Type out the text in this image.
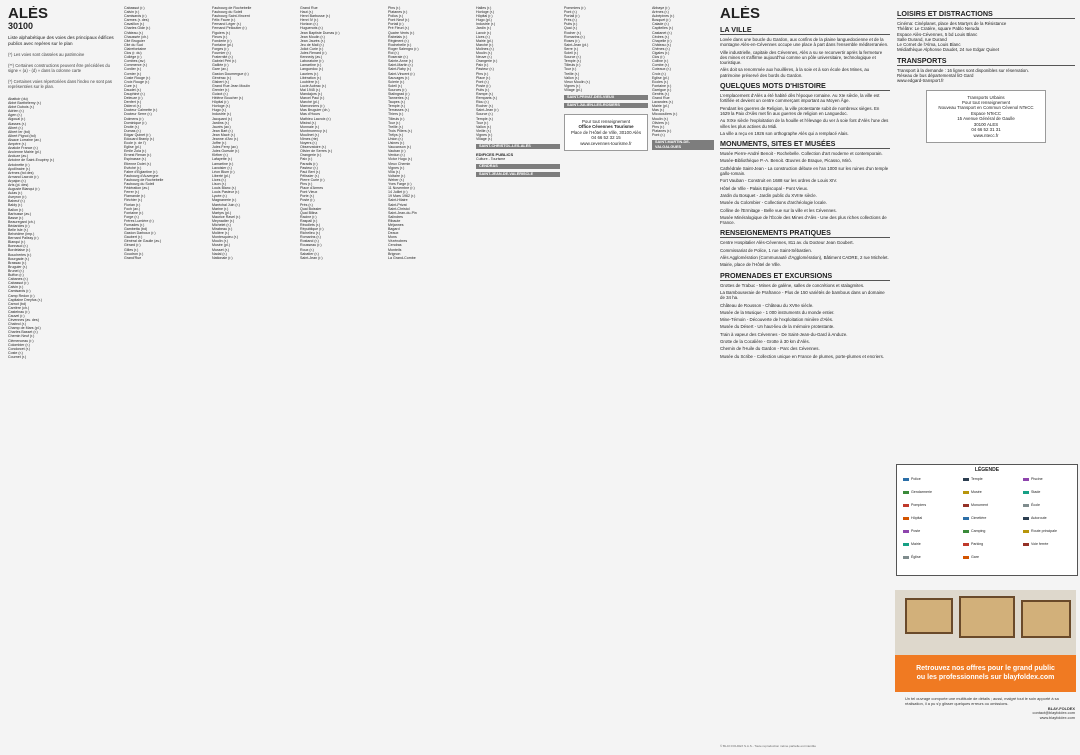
ALÈS
30100
Liste alphabétique des voies des principaux édifices publics avec repères sur le plan
(*) Les voies sont classées au patrimoine
(**) Certaines constructions peuvent être précédées du signe « (a) - (d) » dans la colonne carte
(*) Certaines voies répertoriées dans l'index ne sont pas représentées sur le plan.
Abattoir (du)
Abbé Barthélemy (r.)
Abbé Dubois (r.)
Adrien (r.)
Agen (r.)
Aigoual (r.)
Alasses (r.)
Albert (r.)
Albert Ier (bd)
Albert Pignol (bd)
Alsace Lorraine (av.)
Ampère (r.)
Anatole France (r.)
Ancienne Mairie (pl.)
Anduze (av.)
Antoine de Saint-Exupéry (r.)
Antoinette (r.)
Apollinaire (r.)
Arènes (bd des)
Armand Lacroix (r.)
Arpajon (r.)
Arts (pl. des)
Auguste Blanqui (r.)
Aulas (r.)
Aveyron (r.)
Babeuf (r.)
Baldy (r.)
Ballon (r.)
Barbusse (av.)
Basse (r.)
Beauregard (ch.)
Bédarides (r.)
Belle Isle (r.)
Belvédère (imp.)
Bernard Palissy (r.)
Blanqui (r.)
Bonnaud (r.)
Bordelaise (r.)
Boucheries (r.)
Bourgade (r.)
Brassac (r.)
Bruguier (r.)
Brunel (r.)
Buffon (r.)
Cabanes (r.)
Cabassut (r.)
Calvin (r.)
Camisards (r.)
Camp Redon (r.)
Capitaine Dreyfus (r.)
Carnot (bd)
Carrière (ch.)
Castelnau (r.)
Cauvel (r.)
Cévennes (av. des)
Chabrol (r.)
Champ de Mars (pl.)
Charles Basset (r.)
Chemin Neuf (r.)
Clémenceau (r.)
Colombier (r.)
Condorcet (r.)
Coste (r.)
Cournet (r.)
Cabassut (r.)
Calvin (r.)
Camisards (r.)
Carmes (r. des)
Cavaillon (r.)
Charles Gide (r.)
Château (r.)
Chaussée (ch.)
Cité Bruguier
Cité du Sud
Clairefontaine
Clos (r. du)
Collège (r.)
Combes (av.)
Commerce (r.)
Cordier (r.)
Cornier (r.)
Coste Rouge (r.)
Croix Rouge (r.)
Cure (r.)
Daudet (r.)
Dauphiné (r.)
Deleuze (r.)
Denfert (r.)
Diderot (r.)
Docteur Calmette (r.)
Docteur Serre (r.)
Dolmens (r.)
Dominique (r.)
Droite (r.)
Dumas (r.)
Edgar Quinet (r.)
Edouard Branly (r.)
Ecole (r. de l')
Eglise (pl.)
Emile Zola (r.)
Ernest Renan (r.)
Espinasse (r.)
Etienne Dolet (r.)
Evêché (r.)
Fabre d'Eglantine (r.)
Faubourg d'Auvergne
Faubourg de Rochebelle
Faubourg du Soleil
Fédération (av.)
Ferrer (r.)
Flamande (r.)
Fléchier (r.)
Florian (r.)
Foch (av.)
Fontaine (r.)
Forge (r.)
Frères Lumière (r.)
Fumades (r.)
Gambetta (bd)
Gaston Darboux (r.)
Gaubert (r.)
Général de Gaulle (av.)
Gérard (r.)
Gilles (r.)
Goudron (r.)
Grand'Rue
Faubourg de Rochebelle
Faubourg du Soleil
Faubourg Saint-Vincent
Félix Faure (r.)
Fernand Léger (r.)
Fernand Pelloutier (r.)
Figuiers (r.)
Fleurs (r.)
Fonderie (r.)
Fontaine (pl.)
Forges (r.)
Fournier (r.)
Fraternité (r.)
Gabriel Péri (r.)
Galilée (r.)
Gare (av.)
Gaston Doumergue (r.)
Générac (r.)
Gisbert (r.)
Grand Rue Jean Moulin
Grenier (r.)
Guizot (r.)
Hélène Boucher (r.)
Hôpital (r.)
Horloge (r.)
Hugo (r.)
Industrie (r.)
Jacquard (r.)
Jardins (r.)
Jaurès (av.)
Jean Bart (r.)
Jean Macé (r.)
Jeanne d'Arc (r.)
Joffre (r.)
Jules Ferry (av.)
Jules Guesde (r.)
Kléber (r.)
Lafayette (r.)
Lamartine (r.)
Lavoisier (r.)
Léon Blum (r.)
Liberté (pl.)
Lices (r.)
Lison (r.)
Louis Blanc (r.)
Louis Pasteur (r.)
Lycée (r.)
Magnanerie (r.)
Maréchal Juin (r.)
Marine (r.)
Martyrs (pl.)
Maurice Ravel (r.)
Meynadier (r.)
Michelet (r.)
Mirabeau (r.)
Molière (r.)
Montesquieu (r.)
Moulin (r.)
Musée (pl.)
Musset (r.)
Nadal (r.)
Nationale (r.)
Grand Rue
Haut (r.)
Henri Barbusse (r.)
Henri IV (r.)
Horizon (r.)
Huguenots (r.)
Jean Baptiste Dumas (r.)
Jean Moulin (r.)
Jean Jaurès (r.)
Jeu de Mail (r.)
Joliot Curie (r.)
Jules Renard (r.)
Kennedy (av.)
Laboratoire (r.)
Lamartine (r.)
Languedoc (r.)
Lauriers (r.)
Libération (r.)
Loubière (r.)
Lucie Aubrac (r.)
Mai 1945 (r.)
Mandajors (r.)
Marcel Paul (r.)
Marché (pl.)
Marronniers (r.)
Mas Bruguier (ch.)
Mas d'Hours
Mathieu Lacroix (r.)
Mistral (r.)
Monnaie (r.)
Montmorency (r.)
Moulinet (r.)
Nîmes (rte)
Noyers (r.)
Observatoire (r.)
Olivier de Serres (r.)
Orangerie (r.)
Paix (r.)
Paradis (r.)
Pasteur (r.)
Paul Bert (r.)
Pélissier (r.)
Pierre Curie (r.)
Pins (r.)
Place d'Armes
Pont Vieux
Porte (r.)
Poste (r.)
Prés (r.)
Quai Boissier
Quai Bilina
Racine (r.)
Raspail (r.)
Récollets (r.)
République (r.)
Richelieu (r.)
Romarins (r.)
Rostand (r.)
Rousseau (r.)
Roux (r.)
Sabatier (r.)
Saint-Jean (r.)
Pins (r.)
Platanes (r.)
Poilus (r.)
Pont Neuf (r.)
Portail (r.)
Pré Fleuri (r.)
Quatre Vents (r.)
Rabelais (r.)
Régiment (r.)
Rochebelle (r.)
Roger Salengro (r.)
Roi (r.)
Roseraie (r.)
Sainte-Anne (r.)
Saint-Martin (r.)
Saint-Raby (r.)
Saint-Vincent (r.)
Sauvages (r.)
Scierie (r.)
Soleil (r.)
Sources (r.)
Stalingrad (r.)
Tanneries (r.)
Taupes (r.)
Temple (r.)
Terrasses (r.)
Thiers (r.)
Tilleuls (r.)
Tour (r.)
Treille (r.)
Trois Piliers (r.)
Trélys (r.)
Union (r.)
Usines (r.)
Vaucanson (r.)
Vauban (r.)
Verdun (r.)
Victor Hugo (r.)
Vieux Chemin
Vignes (r.)
Villa (r.)
Voltaire (r.)
Weber (r.)
Yves Farge (r.)
11 Novembre (r.)
14 Juillet (r.)
19 Mars 1962 (r.)
Saint-Hilaire
Saint-Privat
Saint-Christol
Saint-Jean-du-Pin
Salindres
Ribaute
Méjannes
Bagard
Deaux
Mons
Vézénobres
Cendras
Monteils
Brignon
La Grand-Combe
Halles (r.)
Horloge (r.)
Hôpital (r.)
Hugo (pl.)
Industrie (r.)
Jardin (r.)
Lavoir (r.)
Lices (r.)
Mairie (pl.)
Marché (r.)
Molines (r.)
Moulin (r.)
Neuve (r.)
Orangerie (r.)
Paix (r.)
Pasteur (r.)
Pins (r.)
Place (r.)
Pont (r.)
Poste (r.)
Puits (r.)
Rampe (r.)
Remparts (r.)
Riou (r.)
Rocher (r.)
Saint-Jean (r.)
Source (r.)
Temple (r.)
Tour (r.)
Vallon (r.)
Vieille (r.)
Vignes (r.)
Village (r.)
SAINT-CHRISTOL-LES-ALÈS
EDIFICES PUBLICS
Culture - Tourisme
CENDRAS
SAINT-JEAN-DE-VALÉRISCLE
Pommiers (r.)
Pont (r.)
Portail (r.)
Prés (r.)
Puits (r.)
Quai (r.)
Rocher (r.)
Romarins (r.)
Roses (r.)
Saint-Jean (pl.)
Serre (r.)
Soleil (r.)
Source (r.)
Temple (r.)
Tilleuls (r.)
Tour (r.)
Treille (r.)
Vallon (r.)
Vieux Moulin (r.)
Vignes (r.)
Village (pl.)
SAINT-PRIVAT-DES-VIEUX
SAINT-JULIEN-LES-ROSIERS
Pour tout renseignement
Office Cévennes Tourisme
Place de l'Hôtel de Ville, 30100 Alès
04 66 52 32 15
www.cevennes-tourisme.fr
Abbaye (r.)
Arènes (r.)
Aubépines (r.)
Bosquet (r.)
Calade (r.)
Capitelles (r.)
Castanet (r.)
Cèdres (r.)
Chapelle (r.)
Château (r.)
Chênes (r.)
Cigales (r.)
Clos (r.)
Colline (r.)
Combe (r.)
Coteaux (r.)
Croix (r.)
Eglise (pl.)
Ecoles (r.)
Fontaine (r.)
Garrigue (r.)
Genêts (r.)
Grand Rue
Lavandes (r.)
Mairie (pl.)
Mas (r.)
Micocouliers (r.)
Moulin (r.)
Oliviers (r.)
Pins (r.)
Platanes (r.)
Pont (r.)
SAINT-MARTIN-DE-VALGALGUES
ALÈS
LA VILLE

Lovée dans une boucle du Gardon, aux confins de la plaine languedocienne et de la montagne Alès-en-Cévennes occupe une place à part dans l'ensemble méditerranéen.

Ville industrielle, capitale des Cévennes, Alès a su se reconvertir après la fermeture des mines et s'affirme aujourd'hui comme un pôle universitaire, technologique et touristique.

Alès doit sa renommée aux houillères, à la soie et à son école des Mines, au patrimoine préservé des bords du Gardon.

QUELQUES MOTS D'HISTOIRE

L'emplacement d'Alès a été habité dès l'époque romaine. Au XIe siècle, la ville est fortifiée et devient un centre commerçant important au Moyen Âge.

Pendant les guerres de Religion, la ville protestante subit de nombreux sièges. En 1629 la Paix d'Alès met fin aux guerres de religion en Languedoc.

Au XIXe siècle l'exploitation de la houille et l'élevage du ver à soie font d'Alès l'une des villes les plus actives du Midi.

La ville a reçu en 1926 son orthographe Alès qui a remplacé Alais.

MONUMENTS, SITES ET MUSÉES

Musée Pierre-André Benoit - Rochebelle. Collection d'art moderne et contemporain.

Musée-Bibliothèque P.-A. Benoit. Œuvres de Braque, Picasso, Miró.

Cathédrale Saint-Jean - La construction débute en l'an 1000 sur les ruines d'un temple gallo-romain.

Fort Vauban - Construit en 1688 sur les ordres de Louis XIV.

Hôtel de Ville - Palais Episcopal - Pont Vieux.

Jardin du Bosquet - Jardin public du XVIIIe siècle.

Musée du Colombier - Collections d'archéologie locale.

Colline de l'Ermitage - Belle vue sur la ville et les Cévennes.

Musée Minéralogique de l'École des Mines d'Alès - Une des plus riches collections de France.

RENSEIGNEMENTS PRATIQUES

Centre Hospitalier Alès-Cévennes, 811 av. du Docteur Jean Goubert.

Commissariat de Police, 1 rue Saint-Sébastien.

Alès Agglomération (Communauté d'Agglomération), Bâtiment CADRE, 2 rue Michelet.

Mairie, place de l'Hôtel de Ville.

PROMENADES ET EXCURSIONS

Grottes de Trabuc - Mines de galène, salles de concrétions et stalagmites.

La Bambouseraie de Prafrance - Plus de 150 variétés de bambous dans un domaine de 34 ha.

Château de Rousson - Château du XVIIe siècle.

Musée de la Musique - 1 000 instruments du monde entier.

Mine-Témoin - Découverte de l'exploitation minière d'Alès.

Musée du Désert - Un haut-lieu de la mémoire protestante.

Train à vapeur des Cévennes - De Saint-Jean-du-Gard à Anduze.

Grotte de la Cocalière - Grotte à 30 km d'Alès.

Chemin de l'Huile du Gardon - Parc des Cévennes.

Musée du Scribe - Collection unique en France de plumes, porte-plumes et encriers.

LOISIRS ET DISTRACTIONS
Cinéma: Cinéplanet, place des Martyrs de la Résistance
Théâtre: Le Cratère, square Pablo Neruda
Espace Alès-Cévennes, 5 bd Louis Blanc
Salle Durand, rue Durand
Le Cornet de l'Alma, Louis Blanc
Médiathèque Alphonse Daudet, 24 rue Edgar Quinet
TRANSPORTS
Transport à la demande : 16 lignes sont disponibles sur réservation.
Réseau de bus départemental liO Gard
www.edgard-transport.fr
Transports Urbains
Pour tout renseignement
Nouveau Transport en Commun Cévenol NTeCC
Espace NTeCC
15 Avenue Général de Gaulle
30100 ALES
04 66 52 31 31
www.ntecc.fr
LÉGENDE
Police
Gendarmerie
Pompiers
Hôpital
Poste
Mairie
Église
Temple
Musée
Monument
Cimetière
Camping
Parking
Gare
Piscine
Stade
École
Autoroute
Route principale
Voie ferrée
Retrouvez nos offres pour le grand public
ou les professionnels sur blayfoldex.com
Un tel ouvrage comporte une multitude de détails ; aussi, malgré tout le soin apporté à sa réalisation, il a pu s'y glisser quelques erreurs ou omissions.
BLAY-FOLDEX
contact@blayfoldex.com
www.blayfoldex.com
© BLAY-FOLDEX S.A.S - Toute reproduction même partielle est interdite
